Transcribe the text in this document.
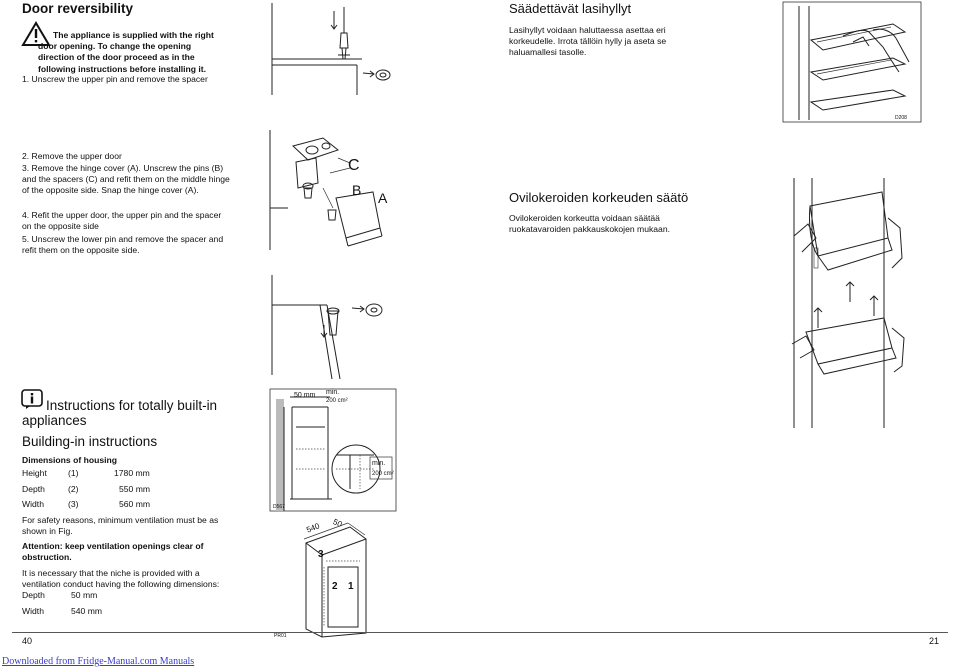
Door reversibility

The appliance is supplied with the right door opening. To change the opening direction of the door proceed as in the following instructions before installing it.

1. Unscrew the upper pin and remove the spacer

2. Remove the upper door

3. Remove the hinge cover (A). Unscrew the pins (B) and the spacers (C) and refit them on the middle hinge of the opposite side. Snap the hinge cover (A).

4. Refit the upper door, the upper pin and the spacer on the opposite side

5. Unscrew the lower pin and remove the spacer and refit them on the opposite side.

C
B A
Instructions for totally built-in appliances
Building-in instructions
Dimensions of housing
Height (1)	1780 mm
Depth	(2)	550 mm
Width	(3)	560 mm

For safety reasons, minimum ventilation must be as shown in Fig.

Attention: keep ventilation openings clear of obstruction.

It is necessary that the niche is provided with a ventilation conduct having the following dimensions:

Depth	50 mm
Width	540 mm
50 mm min.
200 cm²
min.
200 cm²
D567
540 50
3
2 1
PR01
Säädettävät lasihyllyt

Lasihyllyt voidaan haluttaessa asettaa eri korkeudelle. Irrota tällöin hylly ja aseta se haluamallesi tasolle.

D208
Ovilokeroiden korkeuden säätö

Ovilokeroiden korkeutta voidaan säätää ruokatavaroiden pakkauskokojen mukaan.

40	21
Downloaded from Fridge-Manual.com Manuals
